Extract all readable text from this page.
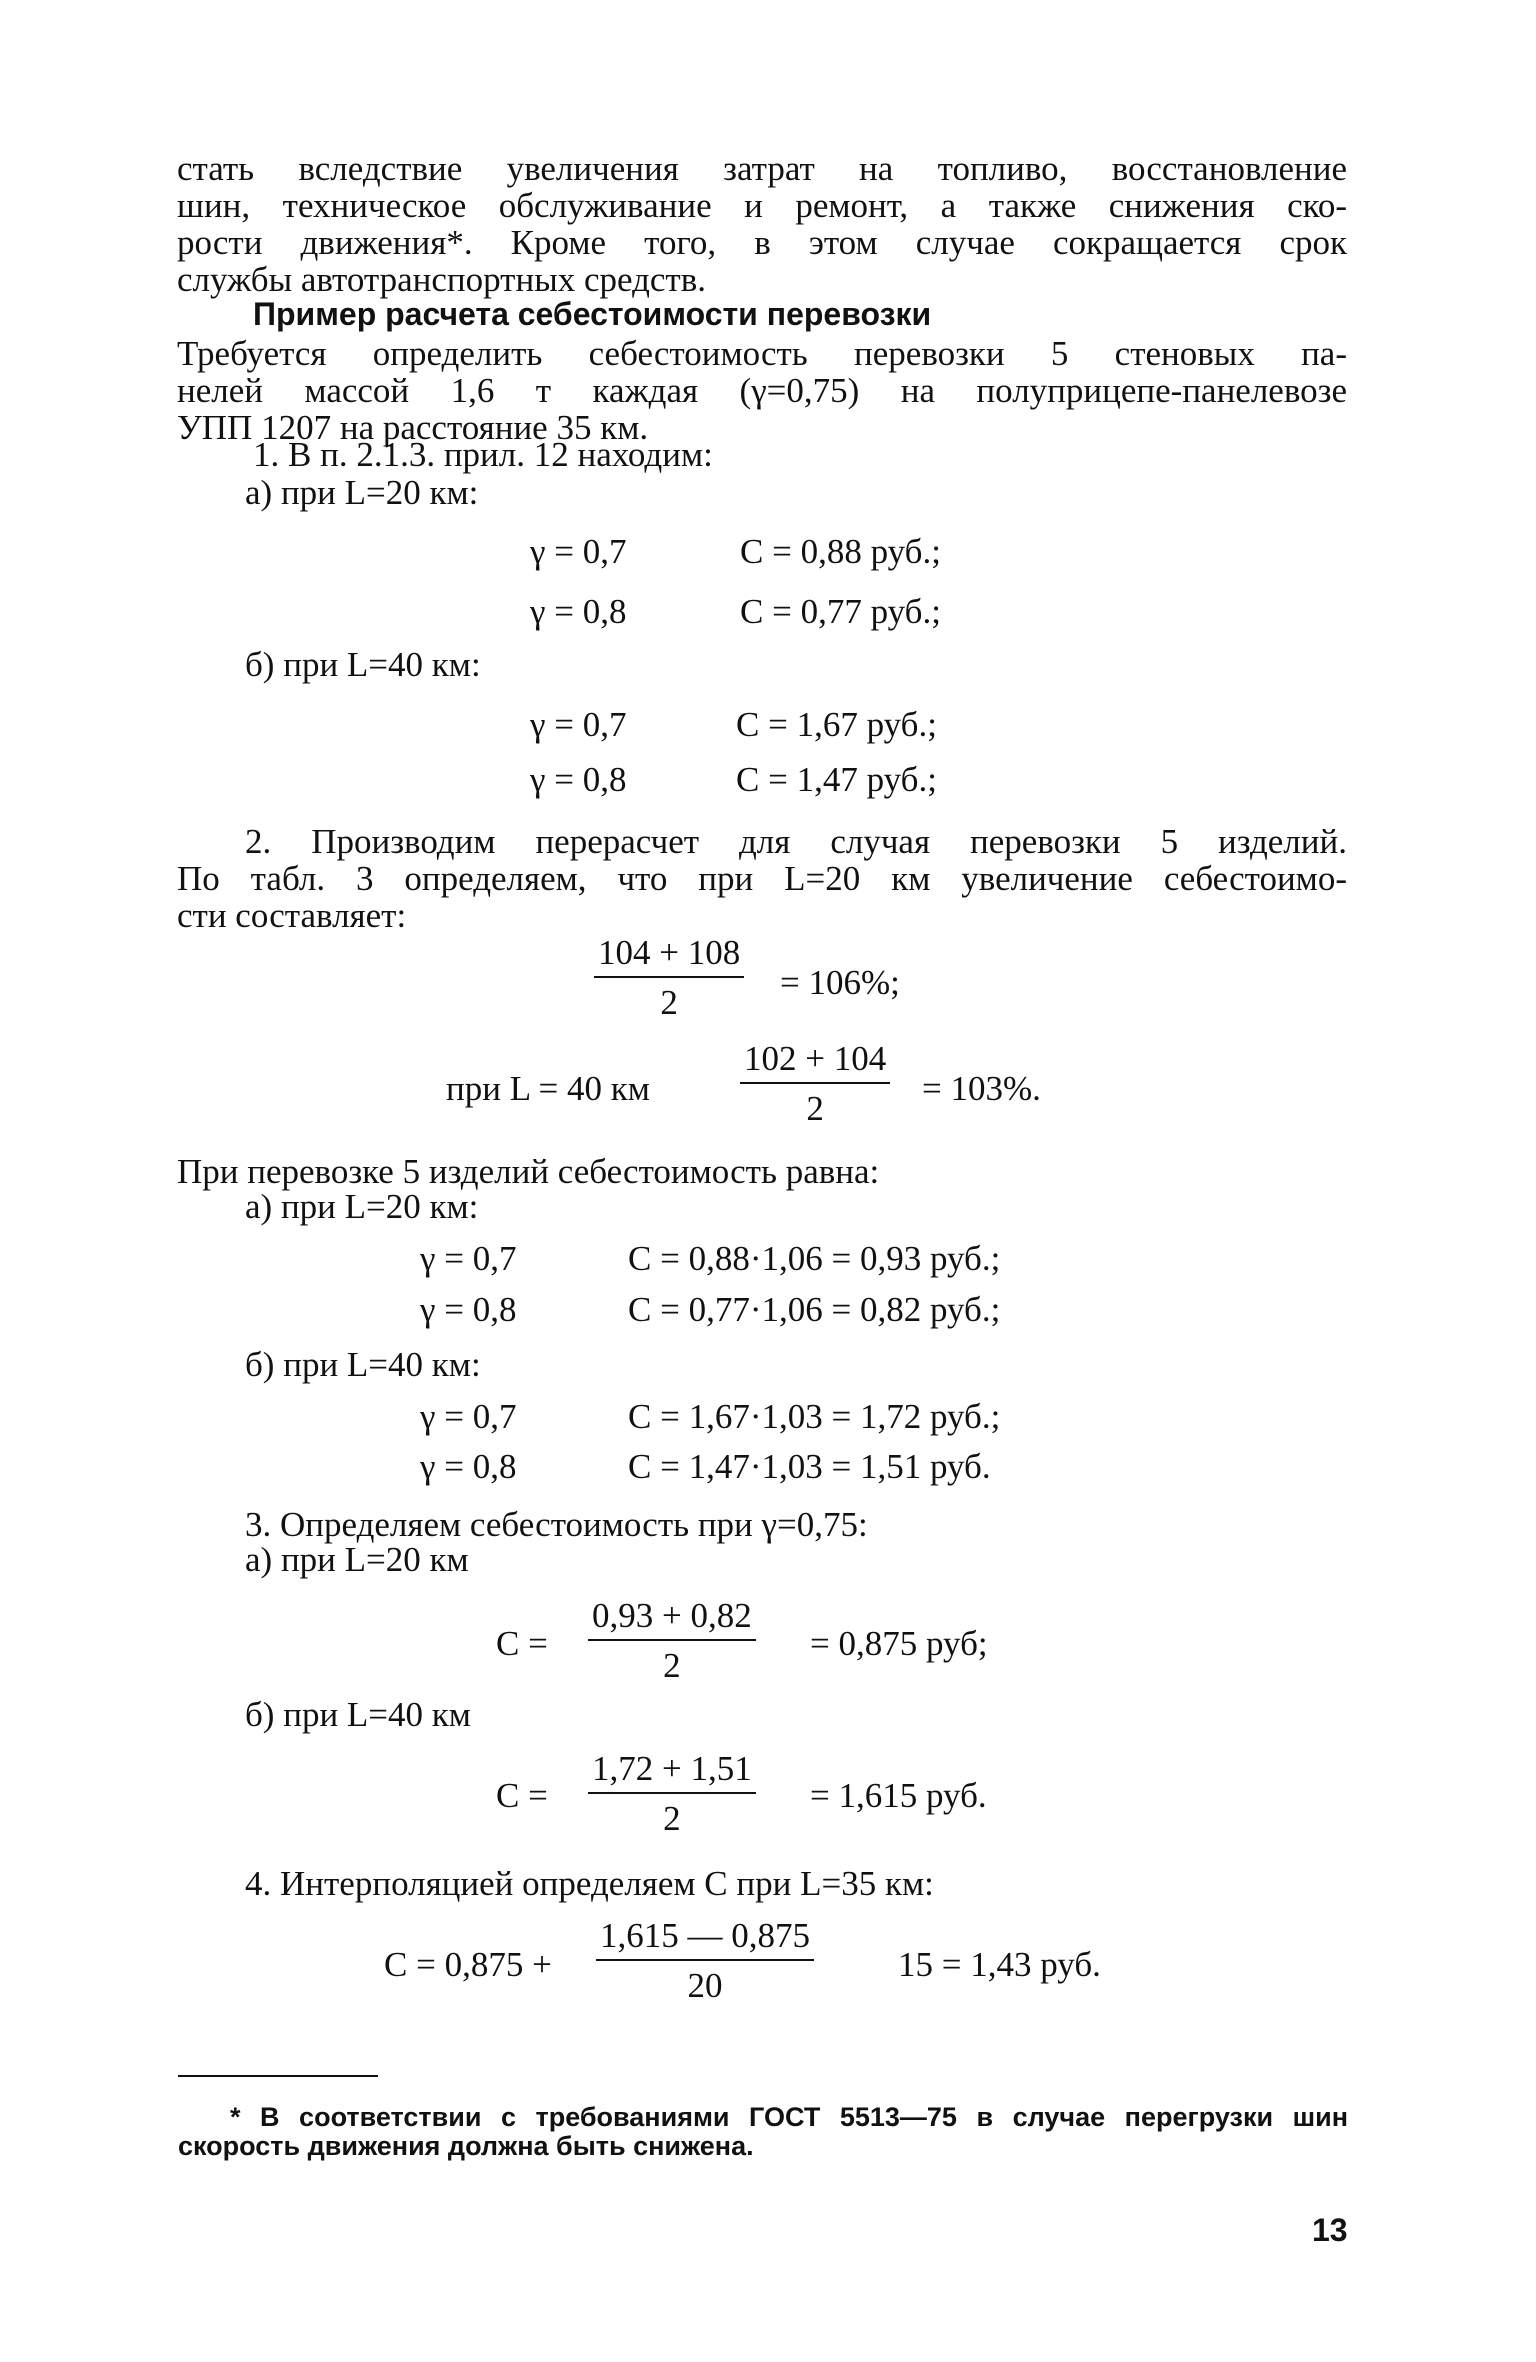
стать вследствие увеличения затрат на топливо, восстановление
шин, техническое обслуживание и ремонт, а также снижения ско-
рости движения*. Кроме того, в этом случае сокращается срок
службы автотранспортных средств.
Пример расчета себестоимости перевозки
Требуется определить себестоимость перевозки 5 стеновых па-
нелей массой 1,6 т каждая (γ=0,75) на полуприцепе-панелевозе
УПП 1207 на расстояние 35 км.
1. В п. 2.1.3. прил. 12 находим:
а) при L=20 км:
γ = 0,7	C = 0,88 руб.;
γ = 0,8	C = 0,77 руб.;
б) при L=40 км:
γ = 0,7	C = 1,67 руб.;
γ = 0,8	C = 1,47 руб.;
2. Производим перерасчет для случая перевозки 5 изделий.
По табл. 3 определяем, что при L=20 км увеличение себестоимо-
сти составляет:
$\frac{104 + 108}{2} = 106\%$;
при L = 40 км	$\frac{102 + 104}{2} = 103\%$.
При перевозке 5 изделий себестоимость равна:
а) при L=20 км:
γ = 0,7	C = 0,88·1,06 = 0,93 руб.;
γ = 0,8	C = 0,77·1,06 = 0,82 руб.;
б) при L=40 км:
γ = 0,7	C = 1,67·1,03 = 1,72 руб.;
γ = 0,8	C = 1,47·1,03 = 1,51 руб.
3. Определяем себестоимость при γ=0,75:
а) при L=20 км
$C = \frac{0,93 + 0,82}{2} = 0,875$ руб;
б) при L=40 км
$C = \frac{1,72 + 1,51}{2} = 1,615$ руб.
4. Интерполяцией определяем C при L=35 км:
$C = 0,875 + \frac{1,615 — 0,875}{20} 15 = 1,43$ руб.
* В соответствии с требованиями ГОСТ 5513—75 в случае перегрузки шин
скорость движения должна быть снижена.
13
